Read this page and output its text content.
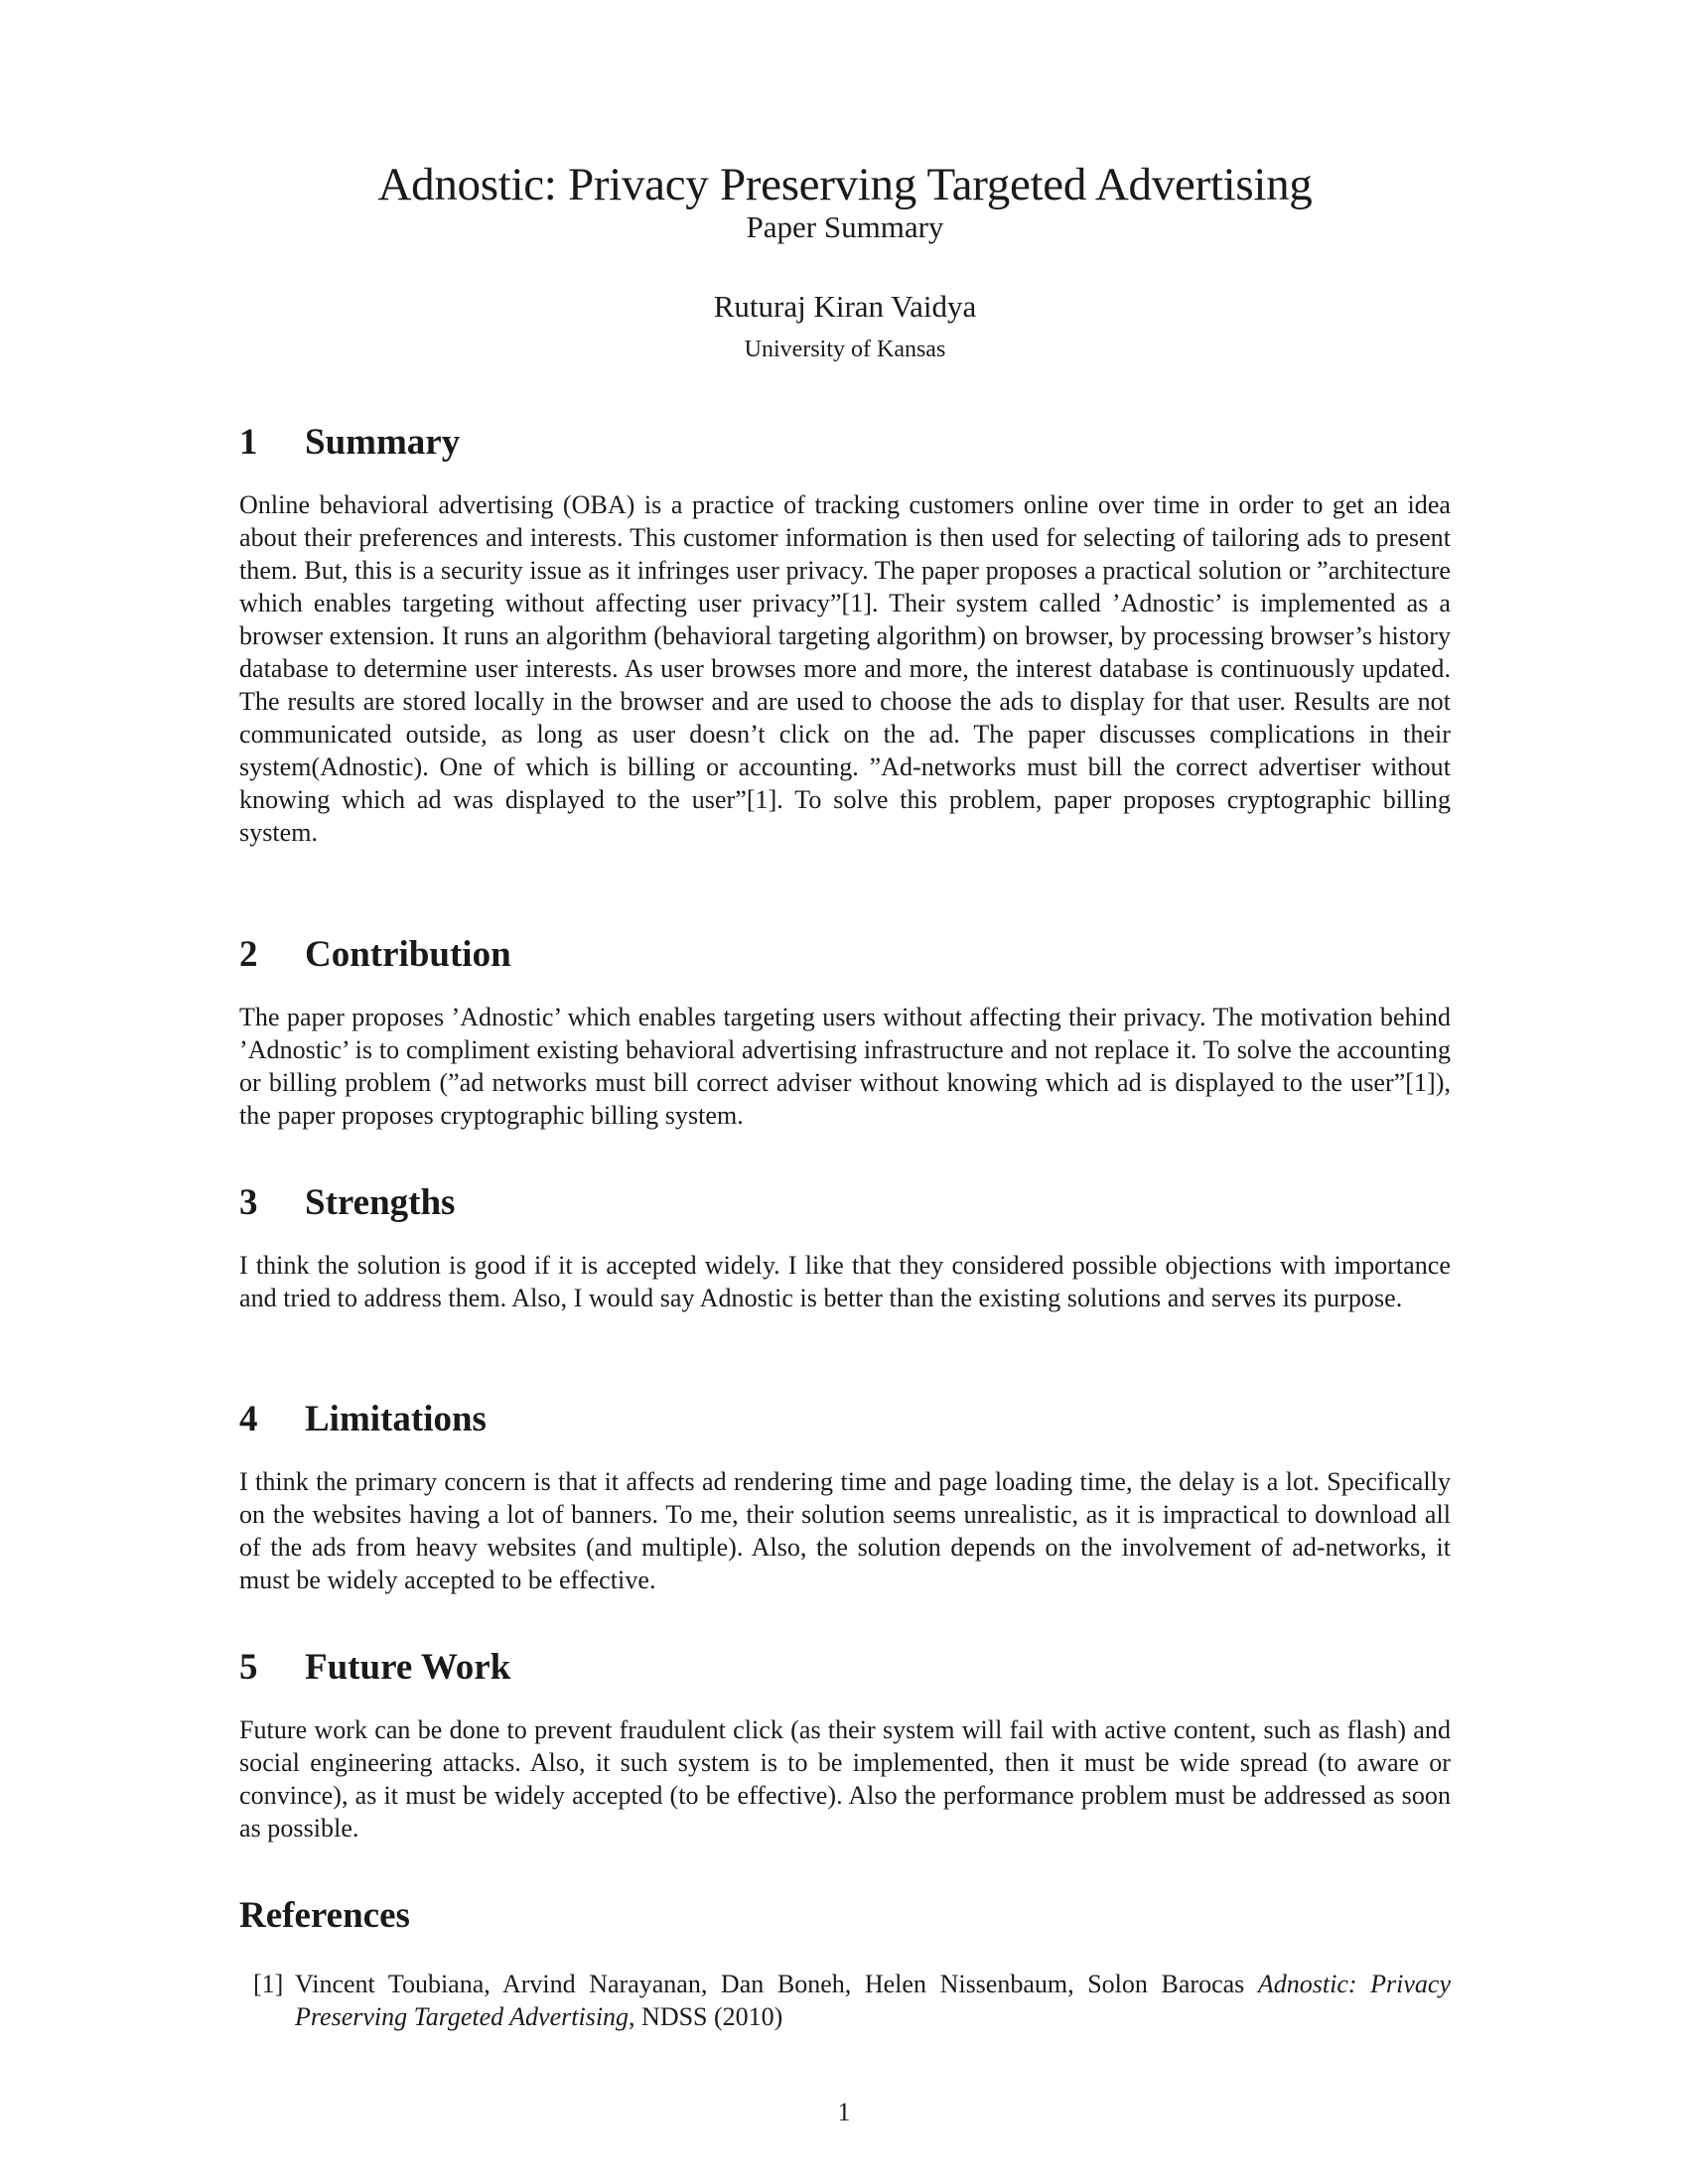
Adnostic: Privacy Preserving Targeted Advertising
Paper Summary
Ruturaj Kiran Vaidya
University of Kansas
1	Summary

Online behavioral advertising (OBA) is a practice of tracking customers online over time in order to get an idea about their preferences and interests. This customer information is then used for selecting of tailoring ads to present them. But, this is a security issue as it infringes user privacy. The paper proposes a practical solution or ”architecture which enables targeting without affecting user privacy”[1]. Their system called ’Adnostic’ is implemented as a browser extension. It runs an algorithm (behavioral targeting algorithm) on browser, by processing browser’s history database to determine user interests. As user browses more and more, the interest database is continuously updated. The results are stored locally in the browser and are used to choose the ads to display for that user. Results are not communicated outside, as long as user doesn’t click on the ad. The paper discusses complications in their system(Adnostic). One of which is billing or accounting. ”Ad-networks must bill the correct advertiser without knowing which ad was displayed to the user”[1]. To solve this problem, paper proposes cryptographic billing system.

2	Contribution

The paper proposes ’Adnostic’ which enables targeting users without affecting their privacy. The motivation behind ’Adnostic’ is to compliment existing behavioral advertising infrastructure and not replace it. To solve the accounting or billing problem (”ad networks must bill correct adviser without knowing which ad is displayed to the user”[1]), the paper proposes cryptographic billing system.

3	Strengths

I think the solution is good if it is accepted widely. I like that they considered possible objections with importance and tried to address them. Also, I would say Adnostic is better than the existing solutions and serves its purpose.

4	Limitations

I think the primary concern is that it affects ad rendering time and page loading time, the delay is a lot. Specifically on the websites having a lot of banners. To me, their solution seems unrealistic, as it is impractical to download all of the ads from heavy websites (and multiple). Also, the solution depends on the involvement of ad-networks, it must be widely accepted to be effective.

5	Future Work

Future work can be done to prevent fraudulent click (as their system will fail with active content, such as flash) and social engineering attacks. Also, it such system is to be implemented, then it must be wide spread (to aware or convince), as it must be widely accepted (to be effective). Also the performance problem must be addressed as soon as possible.

References
[1] Vincent Toubiana, Arvind Narayanan, Dan Boneh, Helen Nissenbaum, Solon Barocas Adnostic: Privacy Preserving Targeted Advertising, NDSS (2010)
1
